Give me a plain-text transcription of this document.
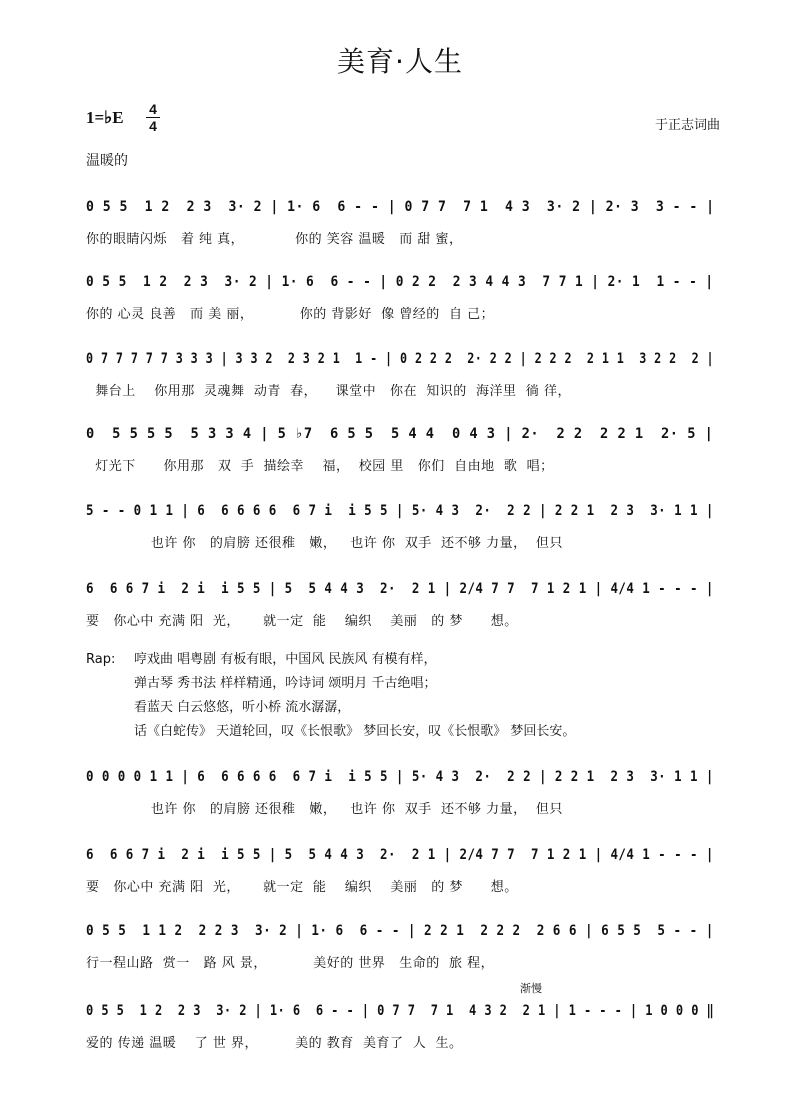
美育·人生
1=♭E 4
4	于正志词曲
温暖的
0 5 5  1 2  2 3  3· 2 | 1· 6  6 - - | 0 7 7  7 1  4 3  3· 2 | 2· 3  3 - - |
你的眼睛闪烁   着 纯 真，           你的 笑容 温暖   而 甜 蜜，
0 5 5  1 2  2 3  3· 2 | 1· 6  6 - - | 0 2 2  2 3 4 4 3  7 7 1 | 2· 1  1 - - |
你的 心灵 良善   而 美 丽，          你的 背影好  像 曾经的  自 己；
0 7 7 7 7 7 3 3 3 | 3 3 2  2 3 2 1  1 - | 0 2 2 2  2· 2 2 | 2 2 2  2 1 1  3 2 2  2 |
舞台上    你用那  灵魂舞  动青  春，    课堂中   你在  知识的  海洋里  徜 徉，
0  5 5 5 5  5 3 3 4 | 5 ♭7  6 5 5  5 4 4  0 4 3 | 2·  2 2  2 2 1  2· 5 |
灯光下      你用那   双  手  描绘幸    福，  校园 里   你们  自由地  歌  唱；
5 - - 0 1 1 | 6  6 6 6 6  6 7 i  i 5 5 | 5· 4 3  2·  2 2 | 2 2 1  2 3  3· 1 1 |
也许 你   的肩膀 还很稚   嫩，   也许 你  双手  还不够 力量，  但只
6  6 6 7 i  2 i  i 5 5 | 5  5 4 4 3  2·  2 1 | 2/4 7 7  7 1 2 1 | 4/4 1 - - - |
要   你心中 充满 阳  光，     就一定  能    编织    美丽   的 梦      想。
Rap: 哼戏曲 唱粤剧 有板有眼，中国风 民族风 有模有样，
弹古琴 秀书法 样样精通，吟诗词 颂明月 千古绝唱；
看蓝天 白云悠悠，听小桥 流水潺潺，
话《白蛇传》 天道轮回，叹《长恨歌》 梦回长安，叹《长恨歌》 梦回长安。
0 0 0 0 1 1 | 6  6 6 6 6  6 7 i  i 5 5 | 5· 4 3  2·  2 2 | 2 2 1  2 3  3· 1 1 |
也许 你   的肩膀 还很稚   嫩，   也许 你  双手  还不够 力量，  但只
6  6 6 7 i  2 i  i 5 5 | 5  5 4 4 3  2·  2 1 | 2/4 7 7  7 1 2 1 | 4/4 1 - - - |
要   你心中 充满 阳  光，     就一定  能    编织    美丽   的 梦      想。
0 5 5  1 1 2  2 2 3  3· 2 | 1· 6  6 - - | 2 2 1  2 2 2  2 6 6 | 6 5 5  5 - - |
行一程山路  赏一   路 风 景，          美好的 世界   生命的  旅 程，
渐慢
0 5 5  1 2  2 3  3· 2 | 1· 6  6 - - | 0 7 7  7 1  4 3 2  2 1 | 1 - - - | 1 0 0 0 ‖
爱的 传递 温暖    了 世 界，        美的 教育  美育了  人  生。
